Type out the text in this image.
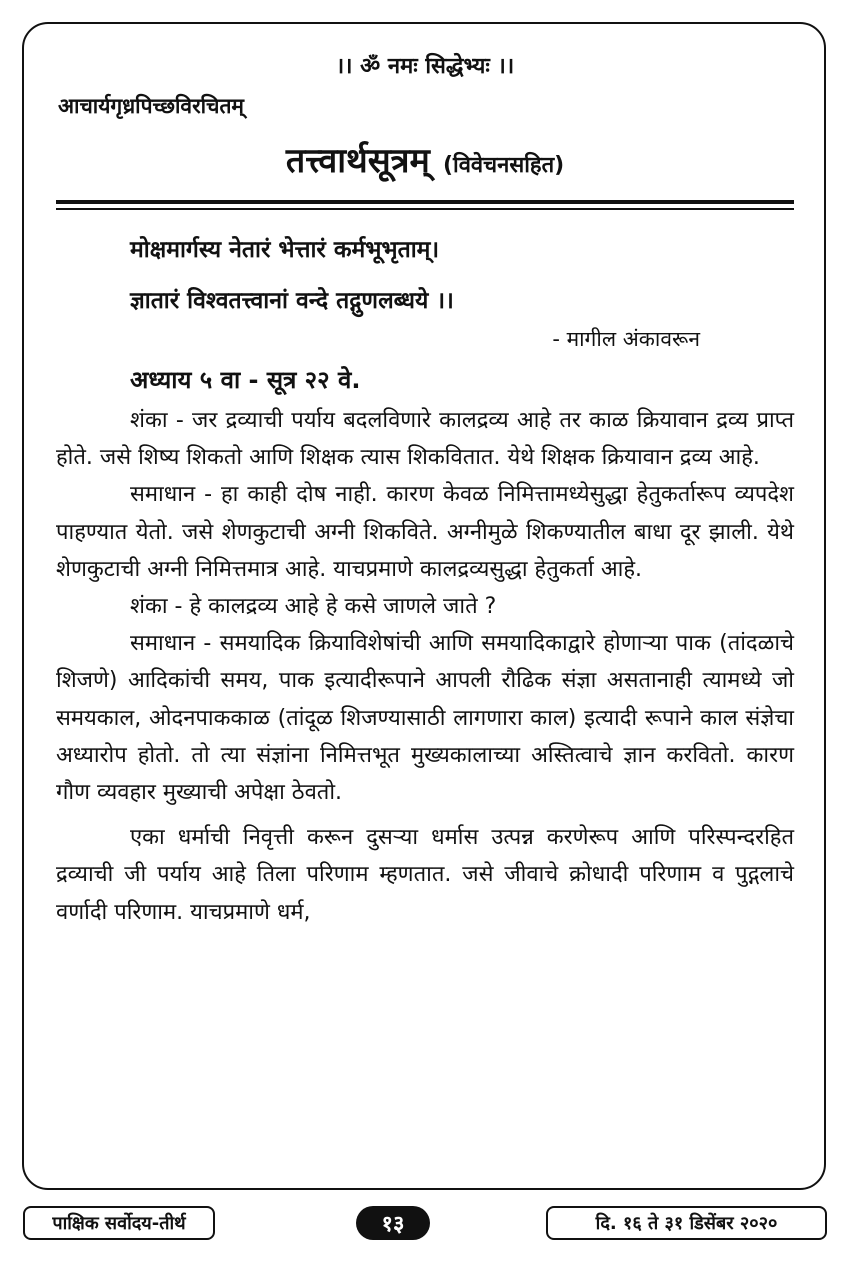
।। ॐ नमः सिद्धेभ्यः ।।
आचार्यगृध्रपिच्छविरचितम्
तत्त्वार्थसूत्रम् (विवेचनसहित)
मोक्षमार्गस्य नेतारं भेत्तारं कर्मभूभृताम्।
ज्ञातारं विश्वतत्त्वानां वन्दे तद्गुणलब्धये ।।
- मागील अंकावरून
अध्याय ५ वा - सूत्र २२ वे.

शंका - जर द्रव्याची पर्याय बदलविणारे कालद्रव्य आहे तर काळ क्रियावान द्रव्य प्राप्त होते. जसे शिष्य शिकतो आणि शिक्षक त्यास शिकवितात. येथे शिक्षक क्रियावान द्रव्य आहे.

समाधान - हा काही दोष नाही. कारण केवळ निमित्तामध्येसुद्धा हेतुकर्तारूप व्यपदेश पाहण्यात येतो. जसे शेणकुटाची अग्नी शिकविते. अग्नीमुळे शिकण्यातील बाधा दूर झाली. येथे शेणकुटाची अग्नी निमित्तमात्र आहे. याचप्रमाणे कालद्रव्यसुद्धा हेतुकर्ता आहे.

शंका - हे कालद्रव्य आहे हे कसे जाणले जाते ?

समाधान - समयादिक क्रियाविशेषांची आणि समयादिकाद्वारे होणाऱ्या पाक (तांदळाचे शिजणे) आदिकांची समय, पाक इत्यादीरूपाने आपली रौढिक संज्ञा असतानाही त्यामध्ये जो समयकाल, ओदनपाककाळ (तांदूळ शिजण्यासाठी लागणारा काल) इत्यादी रूपाने काल संज्ञेचा अध्यारोप होतो. तो त्या संज्ञांना निमित्तभूत मुख्यकालाच्या अस्तित्वाचे ज्ञान करवितो. कारण गौण व्यवहार मुख्याची अपेक्षा ठेवतो.

एका धर्माची निवृत्ती करून दुसऱ्या धर्मास उत्पन्न करणेरूप आणि परिस्पन्दरहित द्रव्याची जी पर्याय आहे तिला परिणाम म्हणतात. जसे जीवाचे क्रोधादी परिणाम व पुद्गलाचे वर्णादी परिणाम. याचप्रमाणे धर्म,

पाक्षिक सर्वोदय-तीर्थ	१३	दि. १६ ते ३१ डिसेंबर २०२०
